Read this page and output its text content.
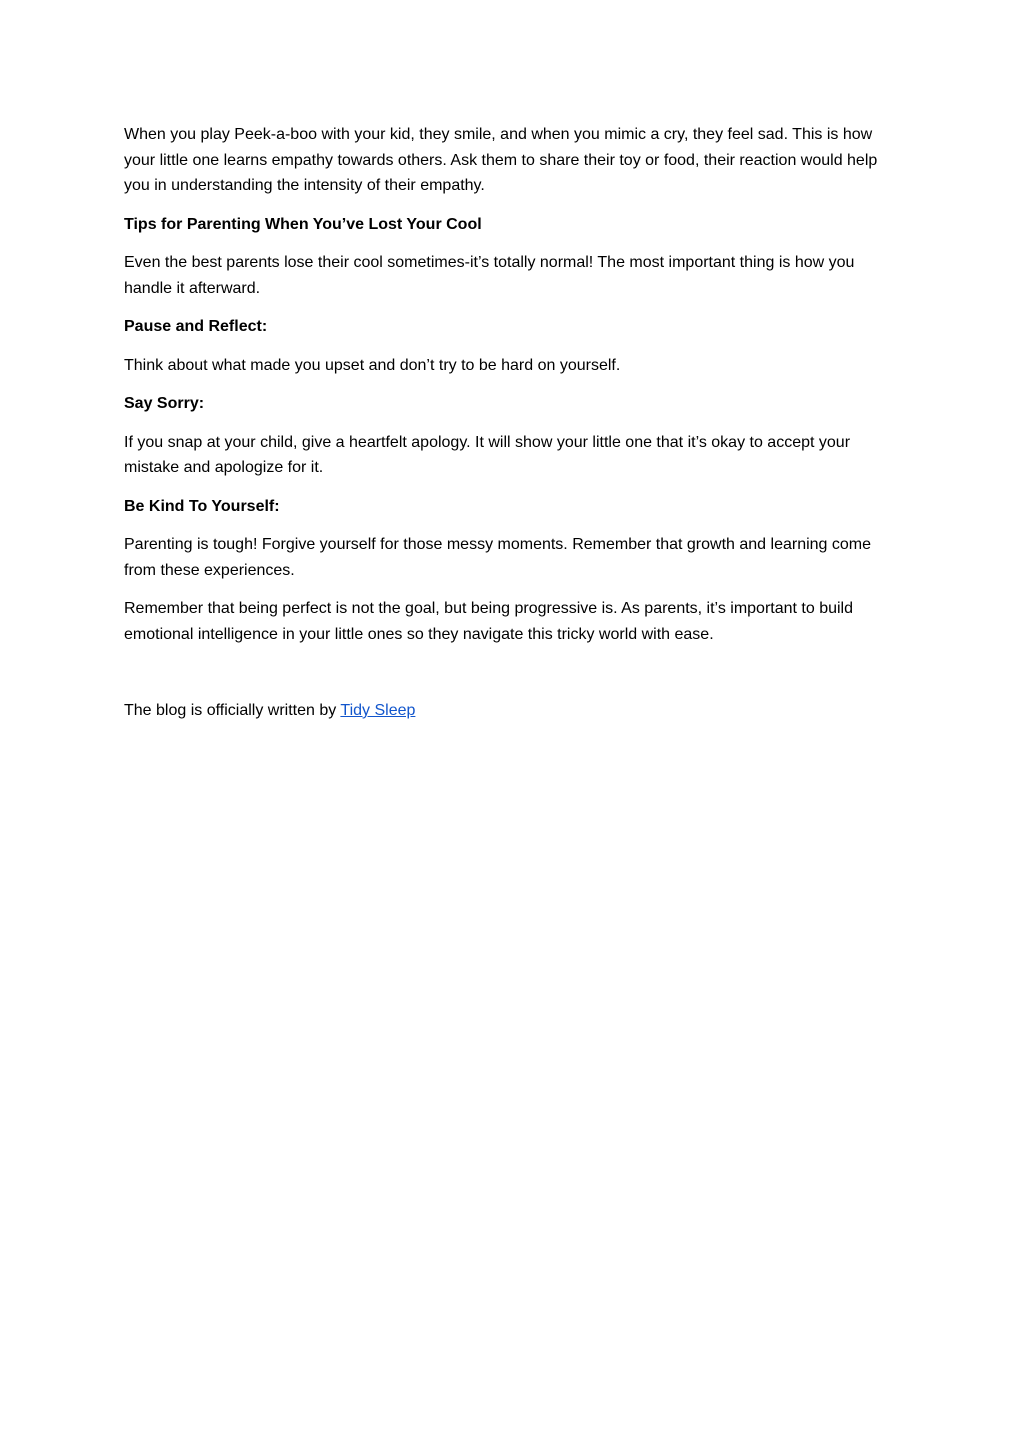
When you play Peek-a-boo with your kid, they smile, and when you mimic a cry, they feel sad. This is how your little one learns empathy towards others. Ask them to share their toy or food, their reaction would help you in understanding the intensity of their empathy.

Tips for Parenting When You’ve Lost Your Cool

Even the best parents lose their cool sometimes-it’s totally normal! The most important thing is how you handle it afterward.

Pause and Reflect:

Think about what made you upset and don’t try to be hard on yourself.

Say Sorry:

If you snap at your child, give a heartfelt apology. It will show your little one that it’s okay to accept your mistake and apologize for it.

Be Kind To Yourself:

Parenting is tough! Forgive yourself for those messy moments. Remember that growth and learning come from these experiences.

Remember that being perfect is not the goal, but being progressive is. As parents, it’s important to build emotional intelligence in your little ones so they navigate this tricky world with ease.

The blog is officially written by Tidy Sleep
